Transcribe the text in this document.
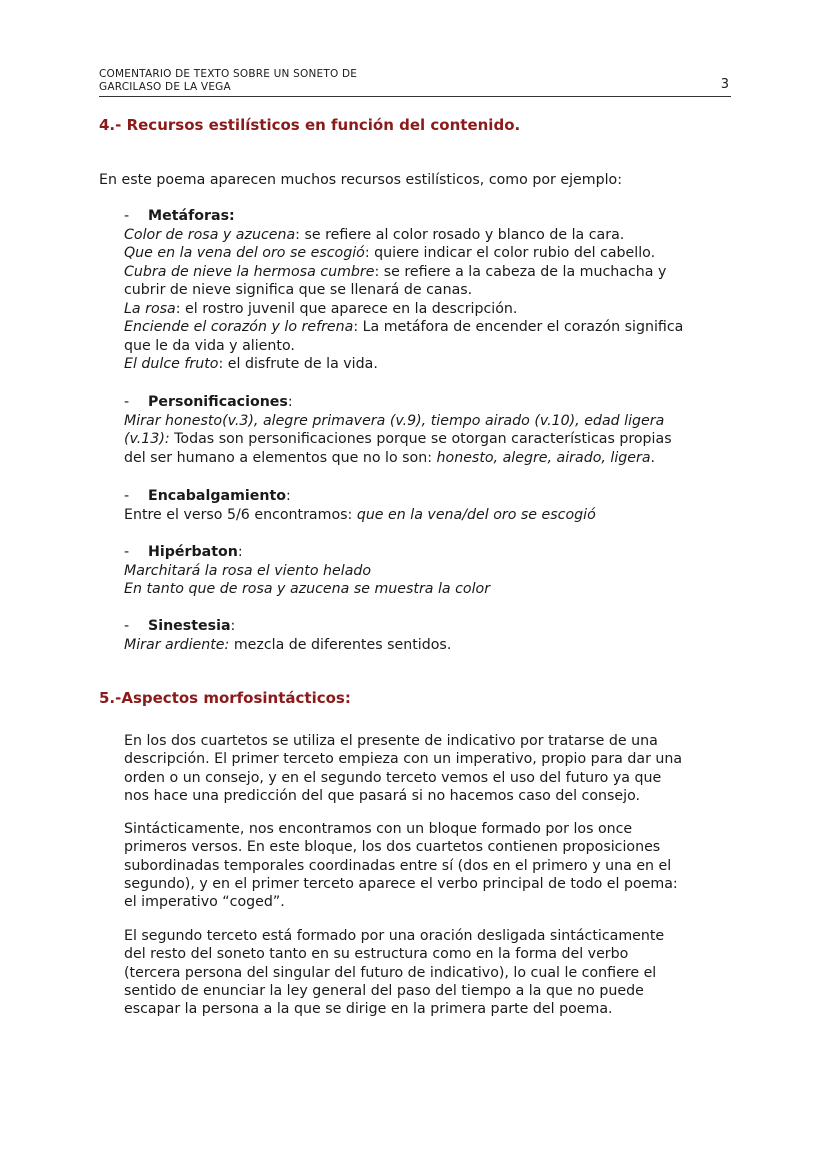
COMENTARIO DE TEXTO SOBRE UN SONETO DE
GARCILASO DE LA VEGA	3
4.- Recursos estilísticos en función del contenido.

En este poema aparecen muchos recursos estilísticos, como por ejemplo:

- Metáforas:
Color de rosa y azucena: se refiere al color rosado y blanco de la cara.
Que en la vena del oro se escogió: quiere indicar el color rubio del cabello.
Cubra de nieve la hermosa cumbre: se refiere a la cabeza de la muchacha y
cubrir de nieve significa que se llenará de canas.
La rosa: el rostro juvenil que aparece en la descripción.
Enciende el corazón y lo refrena: La metáfora de encender el corazón significa
que le da vida y aliento.
El dulce fruto: el disfrute de la vida.
- Personificaciones:
Mirar honesto(v.3), alegre primavera (v.9), tiempo airado (v.10), edad ligera
(v.13): Todas son personificaciones porque se otorgan características propias
del ser humano a elementos que no lo son: honesto, alegre, airado, ligera.
- Encabalgamiento:
Entre el verso 5/6 encontramos: que en la vena/del oro se escogió
- Hipérbaton:
Marchitará la rosa el viento helado
En tanto que de rosa y azucena se muestra la color
- Sinestesia:
Mirar ardiente: mezcla de diferentes sentidos.
5.-Aspectos morfosintácticos:
En los dos cuartetos se utiliza el presente de indicativo por tratarse de una
descripción. El primer terceto empieza con un imperativo, propio para dar una
orden o un consejo, y en el segundo terceto vemos el uso del futuro ya que
nos hace una predicción del que pasará si no hacemos caso del consejo.
Sintácticamente, nos encontramos con un bloque formado por los once
primeros versos. En este bloque, los dos cuartetos contienen proposiciones
subordinadas temporales coordinadas entre sí (dos en el primero y una en el
segundo), y en el primer terceto aparece el verbo principal de todo el poema:
el imperativo “coged”.
El segundo terceto está formado por una oración desligada sintácticamente
del resto del soneto tanto en su estructura como en la forma del verbo
(tercera persona del singular del futuro de indicativo), lo cual le confiere el
sentido de enunciar la ley general del paso del tiempo a la que no puede
escapar la persona a la que se dirige en la primera parte del poema.
